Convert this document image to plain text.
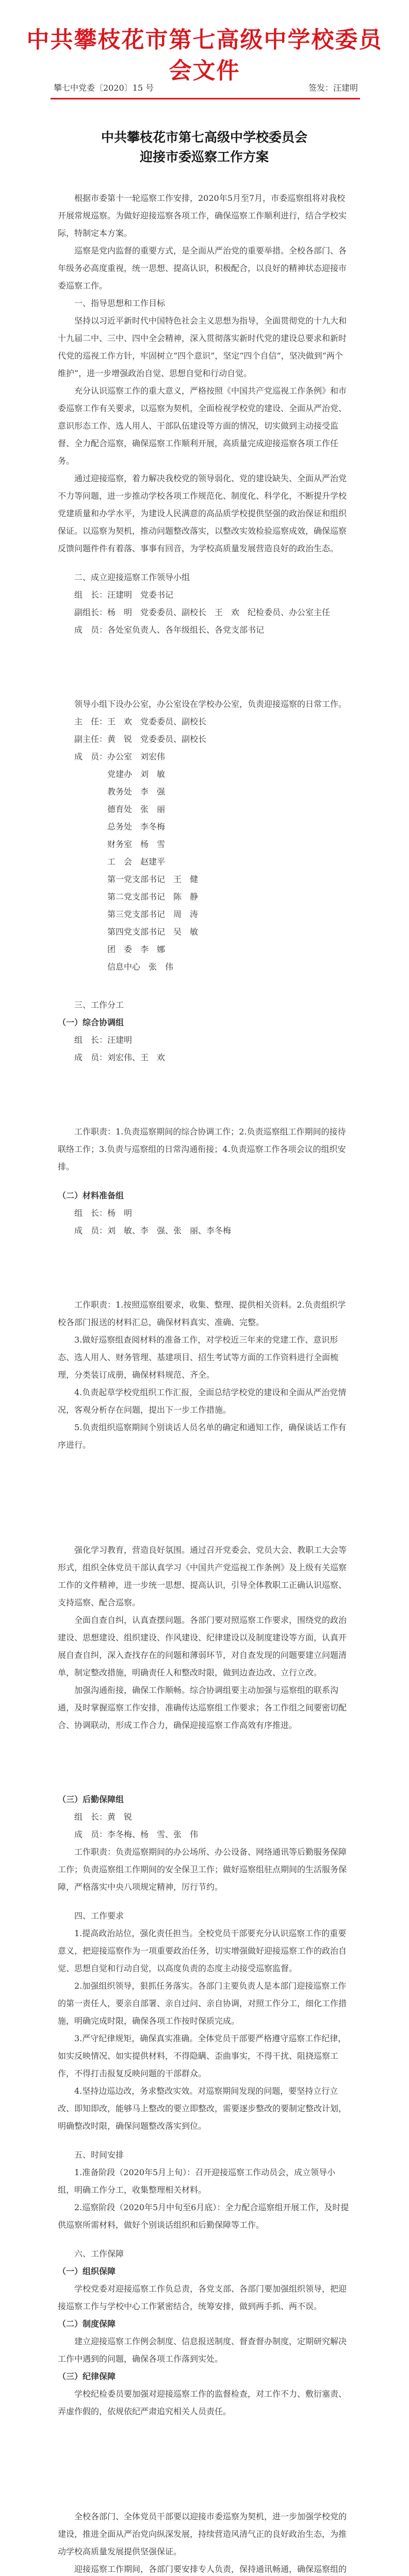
中共攀枝花市第七高级中学校委员会文件
攀七中党委〔2020〕15 号	签发：汪建明
中共攀枝花市第七高级中学校委员会
迎接市委巡察工作方案

根据市委第十一轮巡察工作安排，2020年5月至7月，市委巡察组将对我校开展常规巡察。为做好迎接巡察各项工作，确保巡察工作顺利进行，结合学校实际，特制定本方案。

巡察是党内监督的重要方式，是全面从严治党的重要举措。全校各部门、各年级务必高度重视，统一思想、提高认识，积极配合，以良好的精神状态迎接市委巡察工作。

一、指导思想和工作目标

坚持以习近平新时代中国特色社会主义思想为指导，全面贯彻党的十九大和十九届二中、三中、四中全会精神，深入贯彻落实新时代党的建设总要求和新时代党的巡视工作方针，牢固树立“四个意识”，坚定“四个自信”，坚决做到“两个维护”，进一步增强政治自觉、思想自觉和行动自觉。

充分认识巡察工作的重大意义，严格按照《中国共产党巡视工作条例》和市委巡察工作有关要求，以巡察为契机，全面检视学校党的建设、全面从严治党、意识形态工作、选人用人、干部队伍建设等方面的情况，切实做到主动接受监督、全力配合巡察，确保巡察工作顺利开展，高质量完成迎接巡察各项工作任务。

通过迎接巡察，着力解决我校党的领导弱化、党的建设缺失、全面从严治党不力等问题，进一步推动学校各项工作规范化、制度化、科学化，不断提升学校党建质量和办学水平，为建设人民满意的高品质学校提供坚强的政治保证和组织保证。以巡察为契机，推动问题整改落实，以整改实效检验巡察成效，确保巡察反馈问题件件有着落、事事有回音，为学校高质量发展营造良好的政治生态。

二、成立迎接巡察工作领导小组
组　长： 汪建明　党委书记
副组长： 杨　明　党委委员、副校长　王　欢　纪检委员、办公室主任
成　员： 各处室负责人、各年级组长、各党支部书记

领导小组下设办公室，办公室设在学校办公室，负责迎接巡察的日常工作。

主　任： 王　欢　党委委员、副校长
副主任： 黄　锐　党委委员、副校长
成　员： 办公室　刘宏伟
党建办　刘　敏
教务处　李　强
德育处　张　丽
总务处　李冬梅
财务室　杨　雪
工　会　赵建平
第一党支部书记　王　健
第二党支部书记　陈　静
第三党支部书记　周　涛
第四党支部书记　吴　敏
团　委　李　娜
信息中心　张　伟
三、工作分工
（一）综合协调组
组　长： 汪建明
成　员： 刘宏伟、王　欢

工作职责：1.负责巡察期间的综合协调工作；2.负责巡察组工作期间的接待联络工作；3.负责与巡察组的日常沟通衔接；4.负责巡察工作各项会议的组织安排。

（二）材料准备组
组　长： 杨　明
成　员： 刘　敏、李　强、张　丽、李冬梅

工作职责：1.按照巡察组要求，收集、整理、提供相关资料。2.负责组织学校各部门报送的材料汇总，确保材料真实、准确、完整。

3.做好巡察组查阅材料的准备工作，对学校近三年来的党建工作、意识形态、选人用人、财务管理、基建项目、招生考试等方面的工作资料进行全面梳理，分类装订成册，确保材料规范、齐全。

4.负责起草学校党组织工作汇报，全面总结学校党的建设和全面从严治党情况，客观分析存在问题，提出下一步工作措施。

5.负责组织巡察期间个别谈话人员名单的确定和通知工作，确保谈话工作有序进行。

强化学习教育，营造良好氛围。通过召开党委会、党员大会、教职工大会等形式，组织全体党员干部认真学习《中国共产党巡视工作条例》及上级有关巡察工作的文件精神，进一步统一思想、提高认识，引导全体教职工正确认识巡察、支持巡察、配合巡察。

全面自查自纠，认真查摆问题。各部门要对照巡察工作要求，围绕党的政治建设、思想建设、组织建设、作风建设、纪律建设以及制度建设等方面，认真开展自查自纠，深入查找存在的问题和薄弱环节，对自查发现的问题要建立问题清单，制定整改措施，明确责任人和整改时限，做到边查边改、立行立改。

加强沟通衔接，确保工作顺畅。综合协调组要主动加强与巡察组的联系沟通，及时掌握巡察工作安排，准确传达巡察组工作要求；各工作组之间要密切配合、协调联动，形成工作合力，确保迎接巡察工作高效有序推进。

（三）后勤保障组
组　长： 黄　锐
成　员： 李冬梅、杨　雪、张　伟

工作职责：负责巡察期间的办公场所、办公设备、网络通讯等后勤服务保障工作；负责巡察组工作期间的安全保卫工作；做好巡察组驻点期间的生活服务保障，严格落实中央八项规定精神，厉行节约。

四、工作要求

1.提高政治站位，强化责任担当。全校党员干部要充分认识巡察工作的重要意义，把迎接巡察作为一项重要政治任务，切实增强做好迎接巡察工作的政治自觉、思想自觉和行动自觉，以高度负责的态度主动接受巡察监督。

2.加强组织领导，狠抓任务落实。各部门主要负责人是本部门迎接巡察工作的第一责任人，要亲自部署、亲自过问、亲自协调，对照工作分工，细化工作措施，明确完成时限，确保各项工作按时保质完成。

3.严守纪律规矩，确保真实准确。全体党员干部要严格遵守巡察工作纪律，如实反映情况、如实提供材料，不得隐瞒、歪曲事实，不得干扰、阻挠巡察工作，不得打击报复反映问题的干部群众。

4.坚持边巡边改，务求整改实效。对巡察期间发现的问题，要坚持立行立改、即知即改，能够马上整改的要立即整改，需要逐步整改的要制定整改计划，明确整改时限，确保问题整改落实到位。

五、时间安排

1.准备阶段（2020年5月上旬）：召开迎接巡察工作动员会，成立领导小组，明确工作分工，收集整理相关材料。

2.巡察阶段（2020年5月中旬至6月底）：全力配合巡察组开展工作，及时提供巡察所需材料，做好个别谈话组织和后勤保障等工作。

六、工作保障
（一）组织保障

学校党委对迎接巡察工作负总责，各党支部、各部门要加强组织领导，把迎接巡察工作与学校中心工作紧密结合，统筹安排，做到两手抓、两不误。

（二）制度保障

建立迎接巡察工作例会制度、信息报送制度、督查督办制度，定期研究解决工作中遇到的问题，确保各项工作落到实处。

（三）纪律保障

学校纪检委员要加强对迎接巡察工作的监督检查，对工作不力、敷衍塞责、弄虚作假的，依规依纪严肃追究相关人员责任。

全校各部门、全体党员干部要以迎接市委巡察为契机，进一步加强学校党的建设，推进全面从严治党向纵深发展，持续营造风清气正的良好政治生态，为推动学校高质量发展提供坚强保证。

迎接巡察工作期间，各部门要安排专人负责，保持通讯畅通，确保巡察组的
